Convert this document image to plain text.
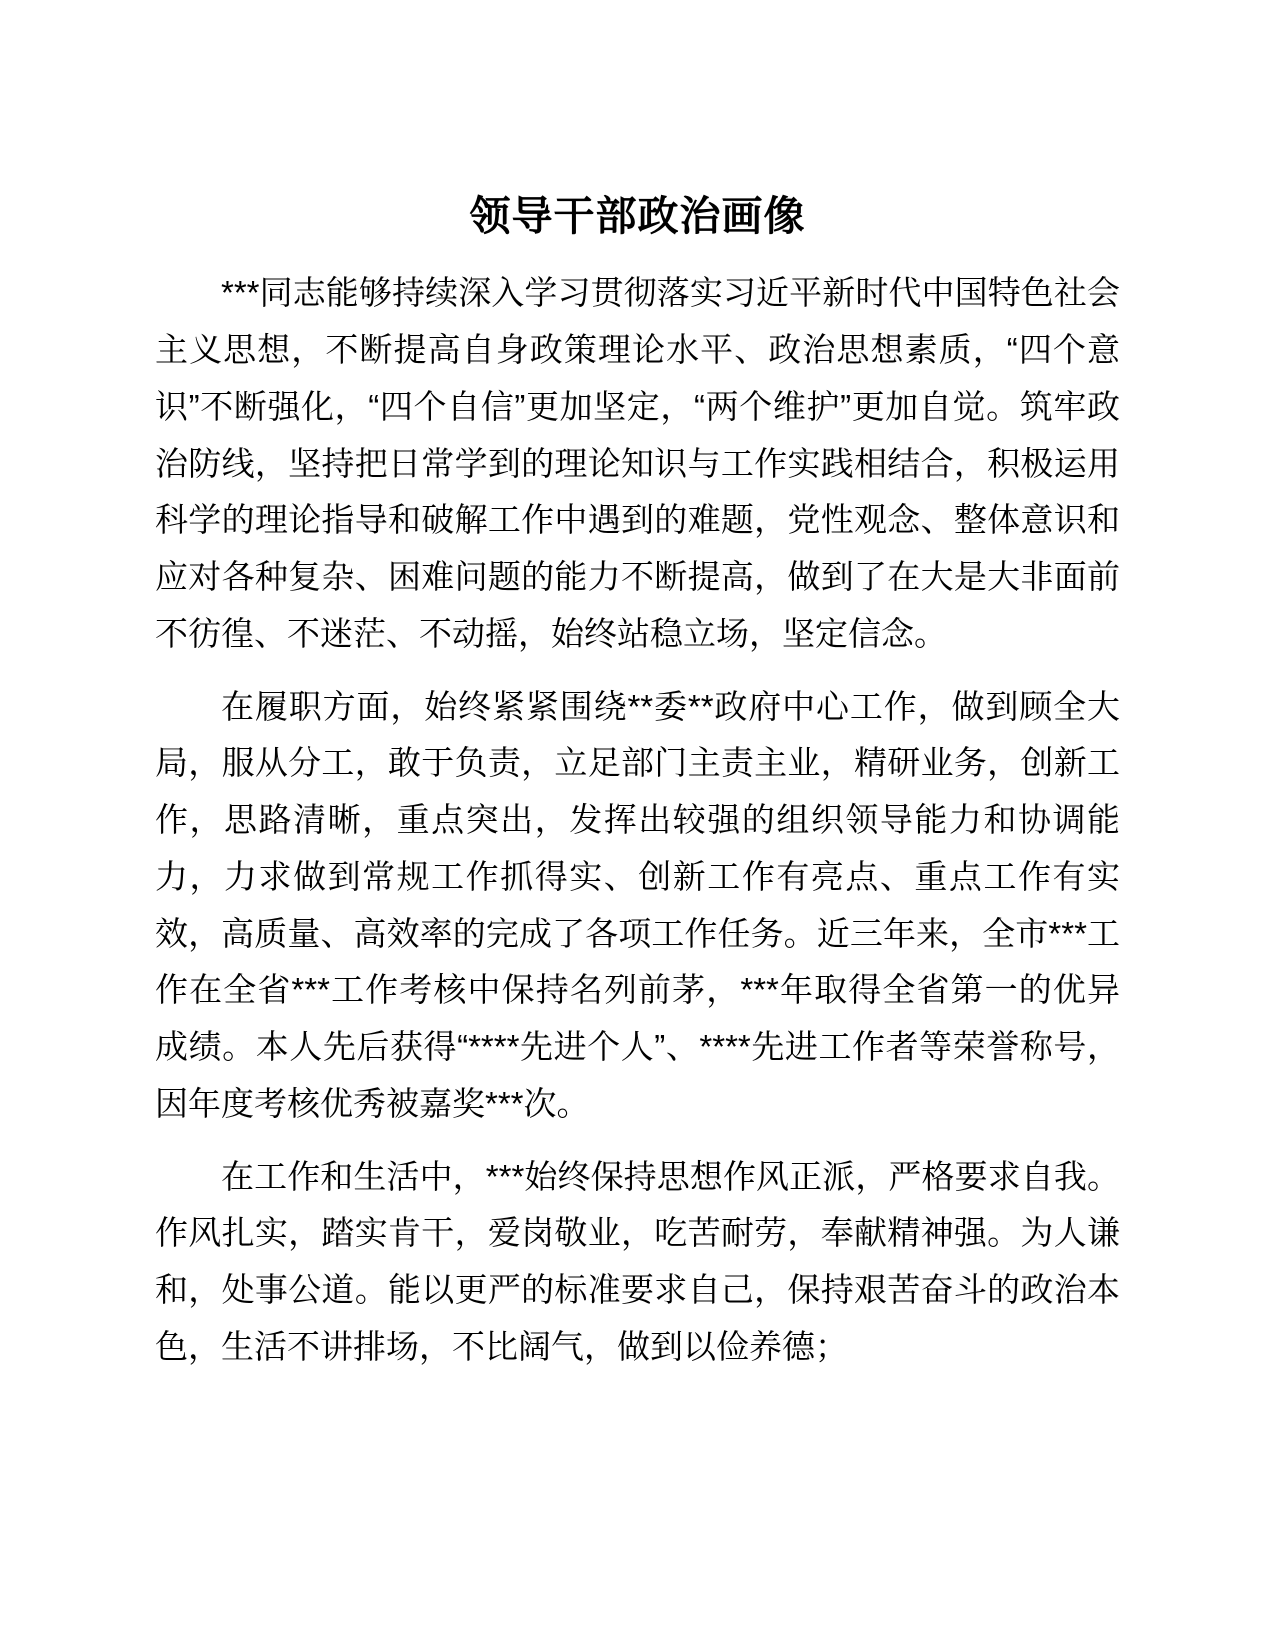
领导干部政治画像

***同志能够持续深入学习贯彻落实习近平新时代中国特色社会主义思想，不断提高自身政策理论水平、政治思想素质，“四个意识”不断强化，“四个自信”更加坚定，“两个维护”更加自觉。筑牢政治防线，坚持把日常学到的理论知识与工作实践相结合，积极运用科学的理论指导和破解工作中遇到的难题，党性观念、整体意识和应对各种复杂、困难问题的能力不断提高，做到了在大是大非面前不彷徨、不迷茫、不动摇，始终站稳立场，坚定信念。

在履职方面，始终紧紧围绕**委**政府中心工作，做到顾全大局，服从分工，敢于负责，立足部门主责主业，精研业务，创新工作，思路清晰，重点突出，发挥出较强的组织领导能力和协调能力，力求做到常规工作抓得实、创新工作有亮点、重点工作有实效，高质量、高效率的完成了各项工作任务。近三年来，全市***工作在全省***工作考核中保持名列前茅，***年取得全省第一的优异成绩。本人先后获得“****先进个人”、****先进工作者等荣誉称号，因年度考核优秀被嘉奖***次。

在工作和生活中，***始终保持思想作风正派，严格要求自我。作风扎实，踏实肯干，爱岗敬业，吃苦耐劳，奉献精神强。为人谦和，处事公道。能以更严的标准要求自己，保持艰苦奋斗的政治本色，生活不讲排场，不比阔气，做到以俭养德；
